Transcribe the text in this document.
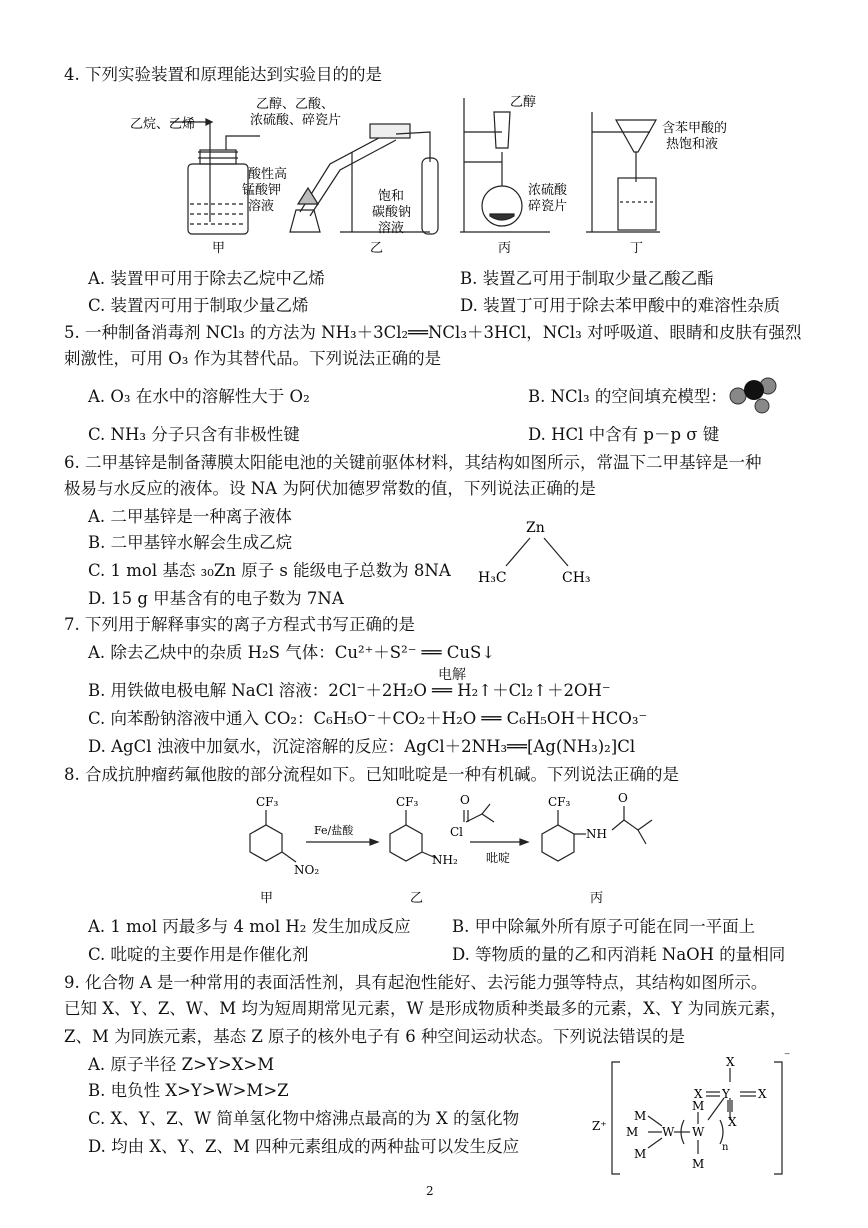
4. 下列实验装置和原理能达到实验目的的是
乙烷、乙烯
酸性高
锰酸钾
溶液
甲
乙醇、乙酸、
浓硫酸、碎瓷片
饱和
碳酸钠
溶液
乙
乙醇
浓硫酸
碎瓷片
丙
含苯甲酸的
热饱和液
丁
A. 装置甲可用于除去乙烷中乙烯	B. 装置乙可用于制取少量乙酸乙酯
C. 装置丙可用于制取少量乙烯	D. 装置丁可用于除去苯甲酸中的难溶性杂质
5. 一种制备消毒剂 NCl₃ 的方法为 NH₃＋3Cl₂══NCl₃＋3HCl，NCl₃ 对呼吸道、眼睛和皮肤有强烈
刺激性，可用 O₃ 作为其替代品。下列说法正确的是
A. O₃ 在水中的溶解性大于 O₂	B. NCl₃ 的空间填充模型：
C. NH₃ 分子只含有非极性键	D. HCl 中含有 p－p σ 键
6. 二甲基锌是制备薄膜太阳能电池的关键前驱体材料，其结构如图所示，常温下二甲基锌是一种
极易与水反应的液体。设 NA 为阿伏加德罗常数的值，下列说法正确的是
A. 二甲基锌是一种离子液体
B. 二甲基锌水解会生成乙烷
C. 1 mol 基态 ₃₀Zn 原子 s 能级电子总数为 8NA
D. 15 g 甲基含有的电子数为 7NA
Zn
H₃C	CH₃
7. 下列用于解释事实的离子方程式书写正确的是
A. 除去乙炔中的杂质 H₂S 气体：Cu²⁺＋S²⁻ ══ CuS↓
B. 用铁做电极电解 NaCl 溶液：2Cl⁻＋2H₂O ══ H₂↑＋Cl₂↑＋2OH⁻
电解
C. 向苯酚钠溶液中通入 CO₂：C₆H₅O⁻＋CO₂＋H₂O ══ C₆H₅OH＋HCO₃⁻
D. AgCl 浊液中加氨水，沉淀溶解的反应：AgCl＋2NH₃══[Ag(NH₃)₂]Cl
8. 合成抗肿瘤药氟他胺的部分流程如下。已知吡啶是一种有机碱。下列说法正确的是
CF₃
NO₂
Fe/盐酸
CF₃
NH₂
O
Cl
吡啶
CF₃
NH
O
甲	乙	丙
A. 1 mol 丙最多与 4 mol H₂ 发生加成反应	B. 甲中除氟外所有原子可能在同一平面上
C. 吡啶的主要作用是作催化剂	D. 等物质的量的乙和丙消耗 NaOH 的量相同
9. 化合物 A 是一种常用的表面活性剂，具有起泡性能好、去污能力强等特点，其结构如图所示。
已知 X、Y、Z、W、M 均为短周期常见元素，W 是形成物质种类最多的元素，X、Y 为同族元素，
Z、M 为同族元素，基态 Z 原子的核外电子有 6 种空间运动状态。下列说法错误的是
A. 原子半径 Z>Y>X>M
B. 电负性 X>Y>W>M>Z
C. X、Y、Z、W 简单氢化物中熔沸点最高的为 X 的氢化物
D. 均由 X、Y、Z、M 四种元素组成的两种盐可以发生反应
X
X Y X
X
⁻
Z⁺
M
M
M
W
M
W
M
n
2
